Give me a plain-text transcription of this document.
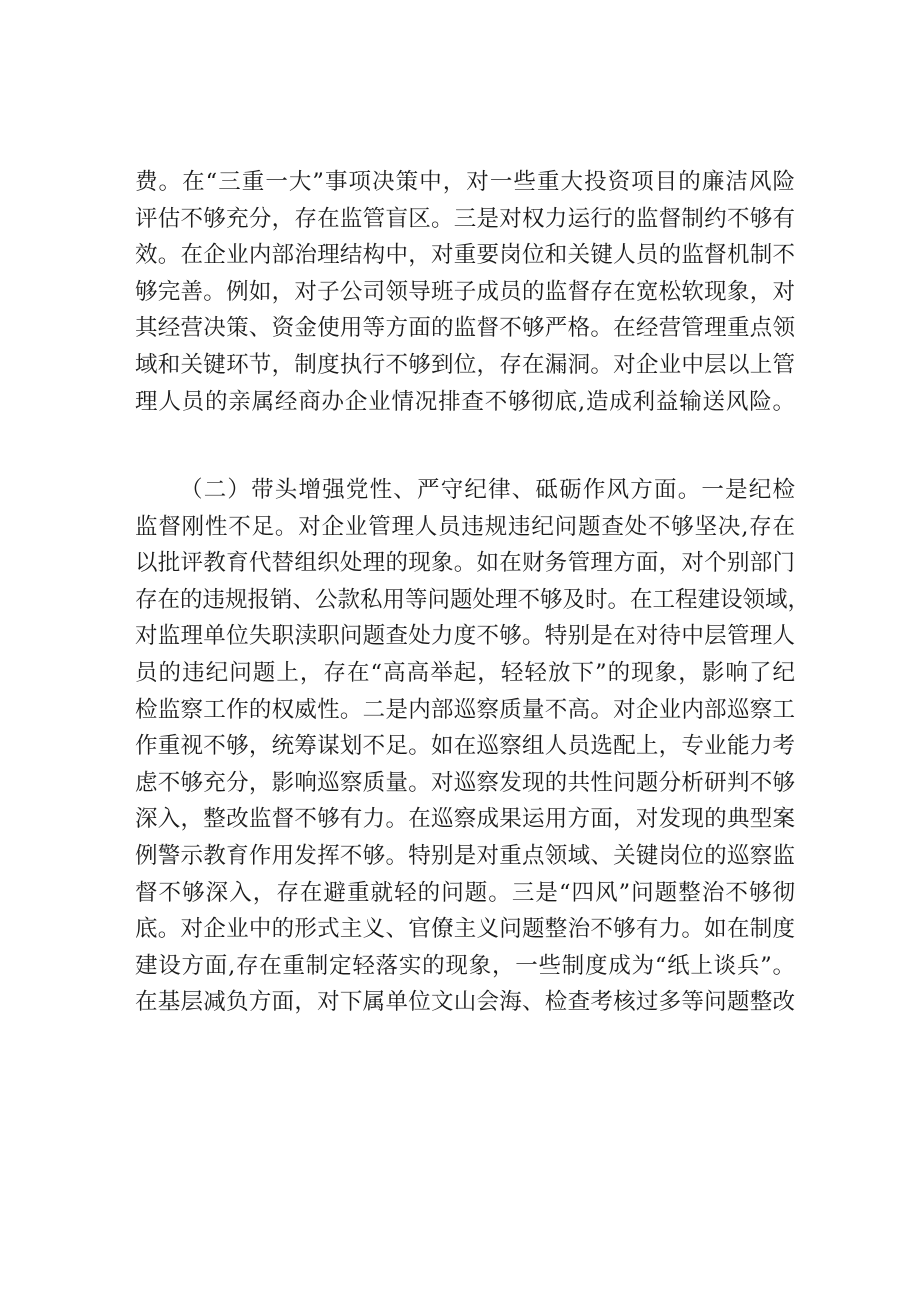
费。在“三重一大”事项决策中，对一些重大投资项目的廉洁风险
评估不够充分，存在监管盲区。三是对权力运行的监督制约不够有
效。在企业内部治理结构中，对重要岗位和关键人员的监督机制不
够完善。例如，对子公司领导班子成员的监督存在宽松软现象，对
其经营决策、资金使用等方面的监督不够严格。在经营管理重点领
域和关键环节，制度执行不够到位，存在漏洞。对企业中层以上管
理人员的亲属经商办企业情况排查不够彻底,造成利益输送风险。
（二）带头增强党性、严守纪律、砥砺作风方面。一是纪检
监督刚性不足。对企业管理人员违规违纪问题查处不够坚决,存在
以批评教育代替组织处理的现象。如在财务管理方面，对个别部门
存在的违规报销、公款私用等问题处理不够及时。在工程建设领域，
对监理单位失职渎职问题查处力度不够。特别是在对待中层管理人
员的违纪问题上，存在“高高举起，轻轻放下”的现象，影响了纪
检监察工作的权威性。二是内部巡察质量不高。对企业内部巡察工
作重视不够，统筹谋划不足。如在巡察组人员选配上，专业能力考
虑不够充分，影响巡察质量。对巡察发现的共性问题分析研判不够
深入，整改监督不够有力。在巡察成果运用方面，对发现的典型案
例警示教育作用发挥不够。特别是对重点领域、关键岗位的巡察监
督不够深入，存在避重就轻的问题。三是“四风”问题整治不够彻
底。对企业中的形式主义、官僚主义问题整治不够有力。如在制度
建设方面,存在重制定轻落实的现象，一些制度成为“纸上谈兵”。
在基层减负方面，对下属单位文山会海、检查考核过多等问题整改
